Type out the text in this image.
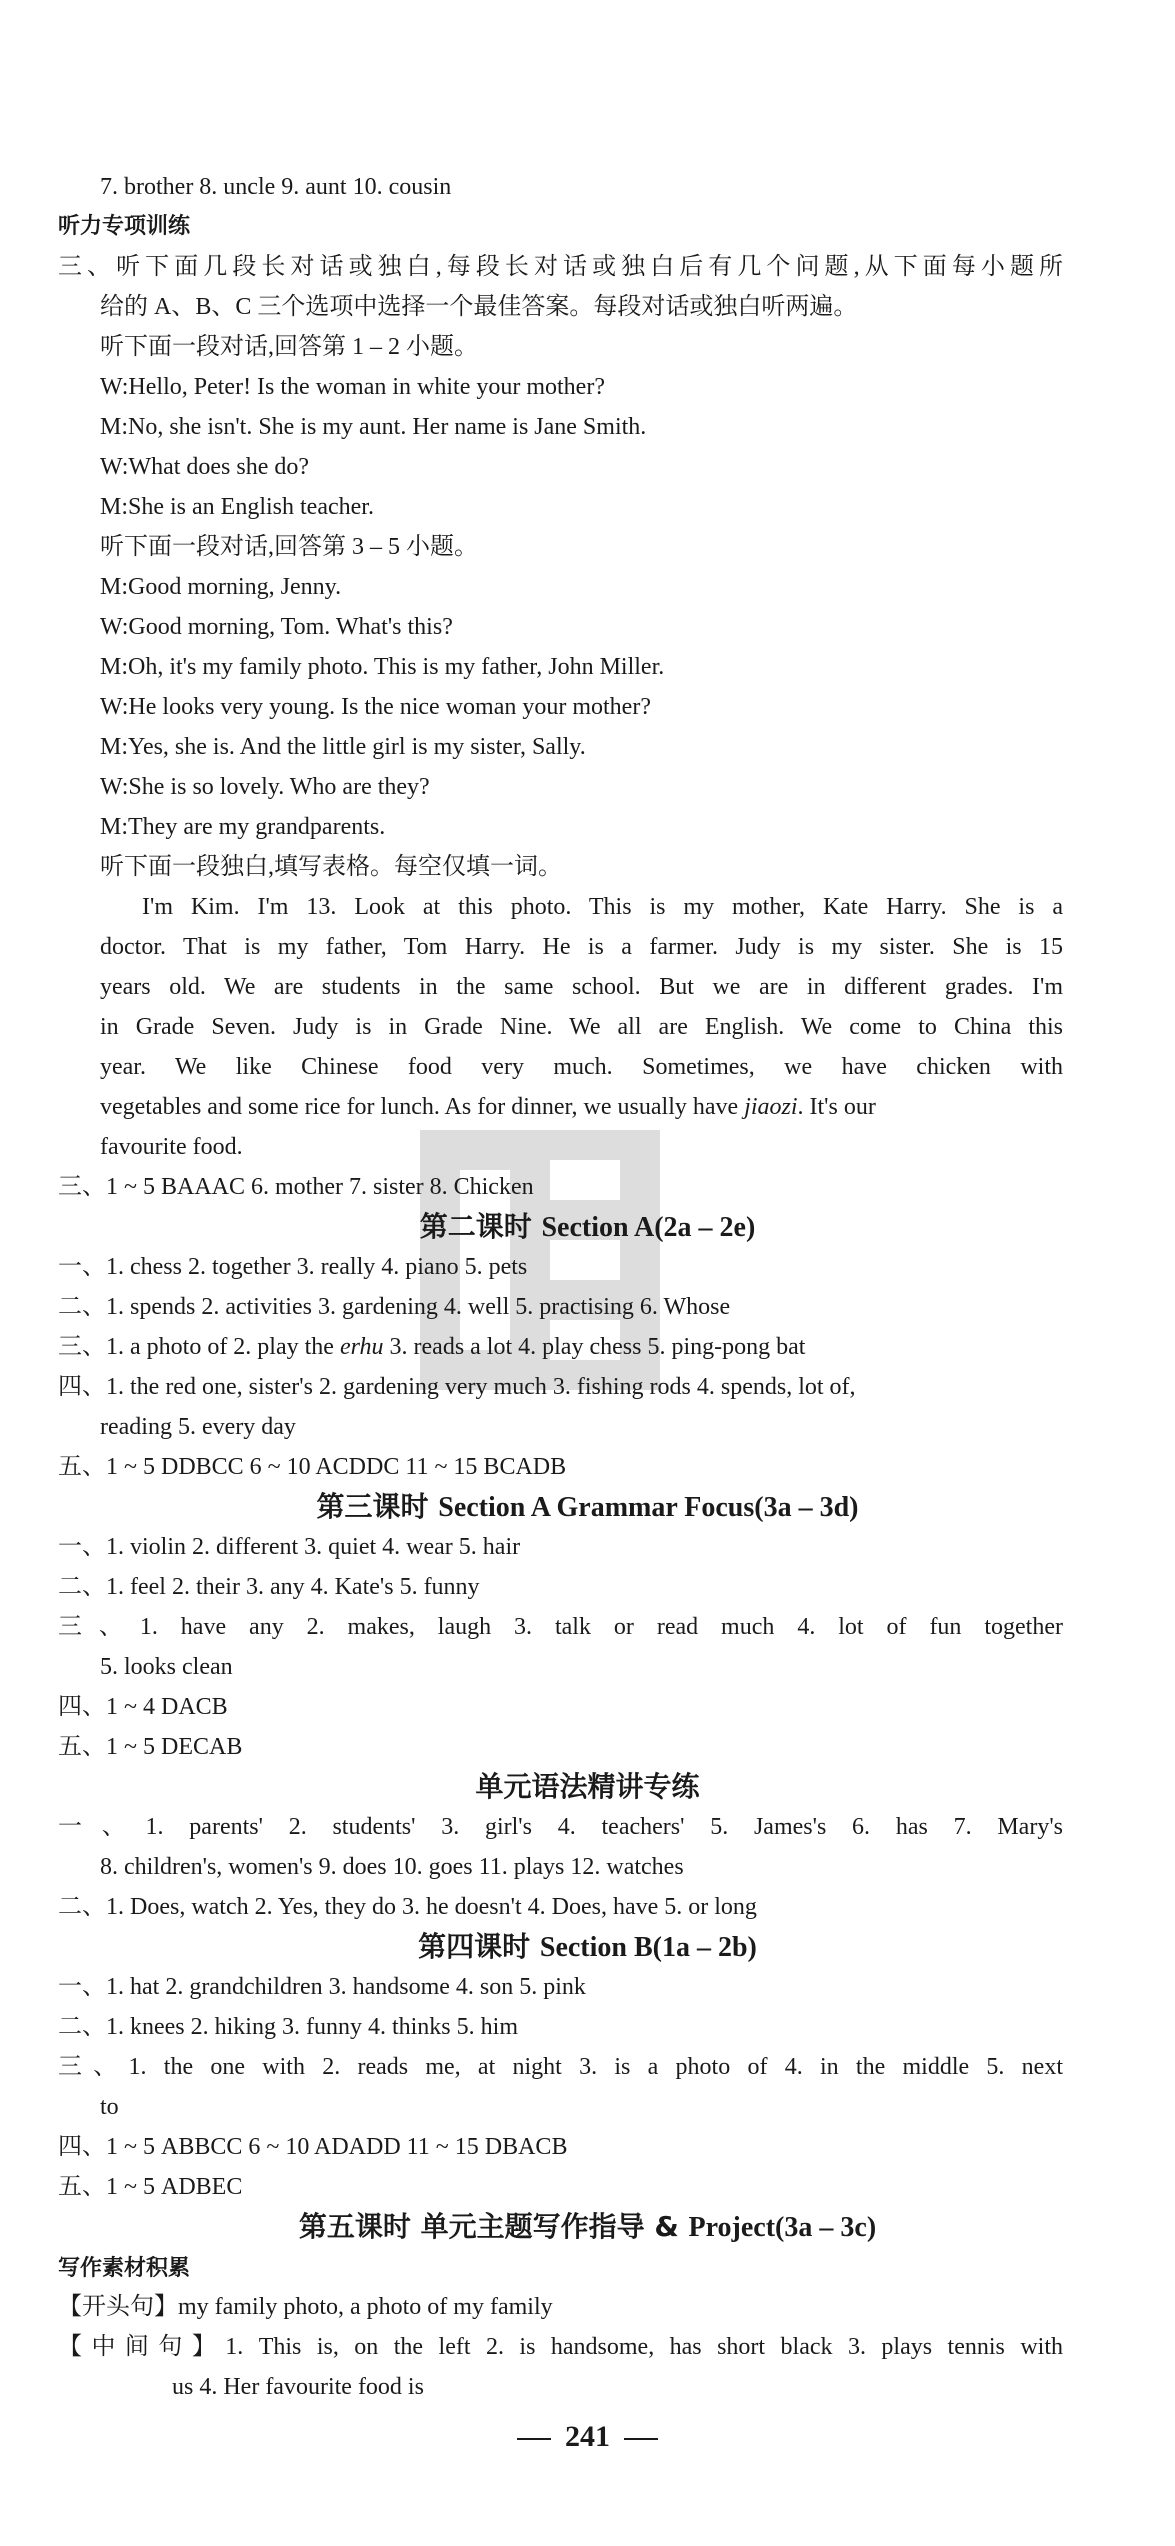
7. brother 8. uncle 9. aunt 10. cousin
听力专项训练
三、听下面几段长对话或独白,每段长对话或独白后有几个问题,从下面每小题所
给的 A、B、C 三个选项中选择一个最佳答案。每段对话或独白听两遍。
听下面一段对话,回答第 1 – 2 小题。
W:Hello, Peter! Is the woman in white your mother?
M:No, she isn't. She is my aunt. Her name is Jane Smith.
W:What does she do?
M:She is an English teacher.
听下面一段对话,回答第 3 – 5 小题。
M:Good morning, Jenny.
W:Good morning, Tom. What's this?
M:Oh, it's my family photo. This is my father, John Miller.
W:He looks very young. Is the nice woman your mother?
M:Yes, she is. And the little girl is my sister, Sally.
W:She is so lovely. Who are they?
M:They are my grandparents.
听下面一段独白,填写表格。每空仅填一词。
I'm Kim. I'm 13. Look at this photo. This is my mother, Kate Harry. She is a
doctor. That is my father, Tom Harry. He is a farmer. Judy is my sister. She is 15
years old. We are students in the same school. But we are in different grades. I'm
in Grade Seven. Judy is in Grade Nine. We all are English. We come to China this
year. We like Chinese food very much. Sometimes, we have chicken with
vegetables and some rice for lunch. As for dinner, we usually have jiaozi. It's our
favourite food.
三、1 ~ 5 BAAAC 6. mother 7. sister 8. Chicken
第二课时 Section A(2a – 2e)
一、1. chess 2. together 3. really 4. piano 5. pets
二、1. spends 2. activities 3. gardening 4. well 5. practising 6. Whose
三、1. a photo of 2. play the erhu 3. reads a lot 4. play chess 5. ping-pong bat
四、1. the red one, sister's 2. gardening very much 3. fishing rods 4. spends, lot of,
reading 5. every day
五、1 ~ 5 DDBCC 6 ~ 10 ACDDC 11 ~ 15 BCADB
第三课时 Section A Grammar Focus(3a – 3d)
一、1. violin 2. different 3. quiet 4. wear 5. hair
二、1. feel 2. their 3. any 4. Kate's 5. funny
三、1. have any 2. makes, laugh 3. talk or read much 4. lot of fun together
5. looks clean
四、1 ~ 4 DACB
五、1 ~ 5 DECAB
单元语法精讲专练
一、1. parents' 2. students' 3. girl's 4. teachers' 5. James's 6. has 7. Mary's
8. children's, women's 9. does 10. goes 11. plays 12. watches
二、1. Does, watch 2. Yes, they do 3. he doesn't 4. Does, have 5. or long
第四课时 Section B(1a – 2b)
一、1. hat 2. grandchildren 3. handsome 4. son 5. pink
二、1. knees 2. hiking 3. funny 4. thinks 5. him
三、1. the one with 2. reads me, at night 3. is a photo of 4. in the middle 5. next
to
四、1 ~ 5 ABBCC 6 ~ 10 ADADD 11 ~ 15 DBACB
五、1 ~ 5 ADBEC
第五课时 单元主题写作指导 & Project(3a – 3c)
写作素材积累
【开头句】my family photo, a photo of my family
【中间句】1. This is, on the left 2. is handsome, has short black 3. plays tennis with
us 4. Her favourite food is
241
